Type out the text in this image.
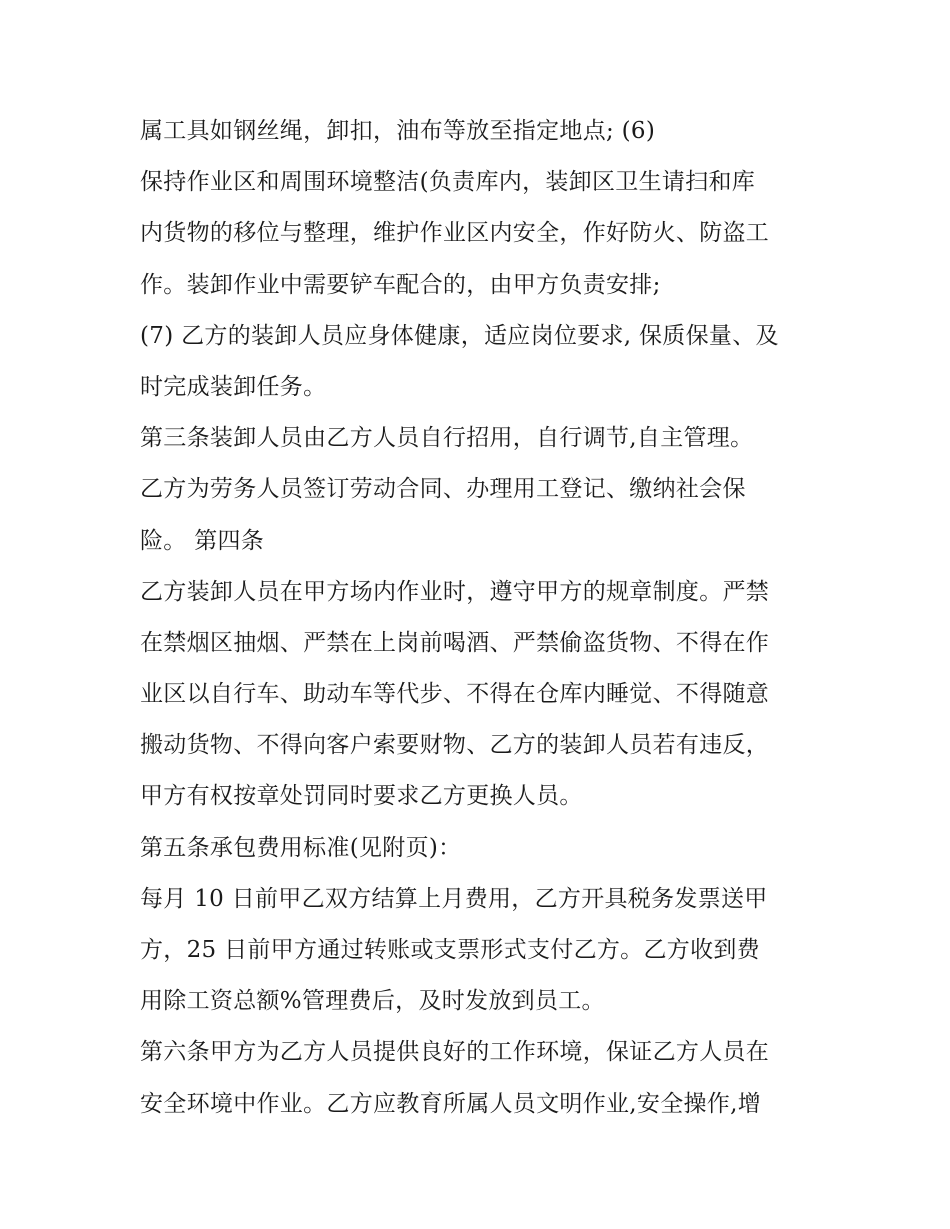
属工具如钢丝绳，卸扣，油布等放至指定地点; (6)
保持作业区和周围环境整洁(负责库内，装卸区卫生请扫和库
内货物的移位与整理，维护作业区内安全，作好防火、防盗工
作。装卸作业中需要铲车配合的，由甲方负责安排;
(7) 乙方的装卸人员应身体健康，适应岗位要求, 保质保量、及
时完成装卸任务。
第三条装卸人员由乙方人员自行招用，自行调节,自主管理。
乙方为劳务人员签订劳动合同、办理用工登记、缴纳社会保
险。 第四条
乙方装卸人员在甲方场内作业时，遵守甲方的规章制度。严禁
在禁烟区抽烟、严禁在上岗前喝酒、严禁偷盗货物、不得在作
业区以自行车、助动车等代步、不得在仓库内睡觉、不得随意
搬动货物、不得向客户索要财物、乙方的装卸人员若有违反，
甲方有权按章处罚同时要求乙方更换人员。
第五条承包费用标准(见附页)：
每月 10 日前甲乙双方结算上月费用，乙方开具税务发票送甲
方，25 日前甲方通过转账或支票形式支付乙方。乙方收到费
用除工资总额%管理费后，及时发放到员工。
第六条甲方为乙方人员提供良好的工作环境，保证乙方人员在
安全环境中作业。乙方应教育所属人员文明作业,安全操作,增
